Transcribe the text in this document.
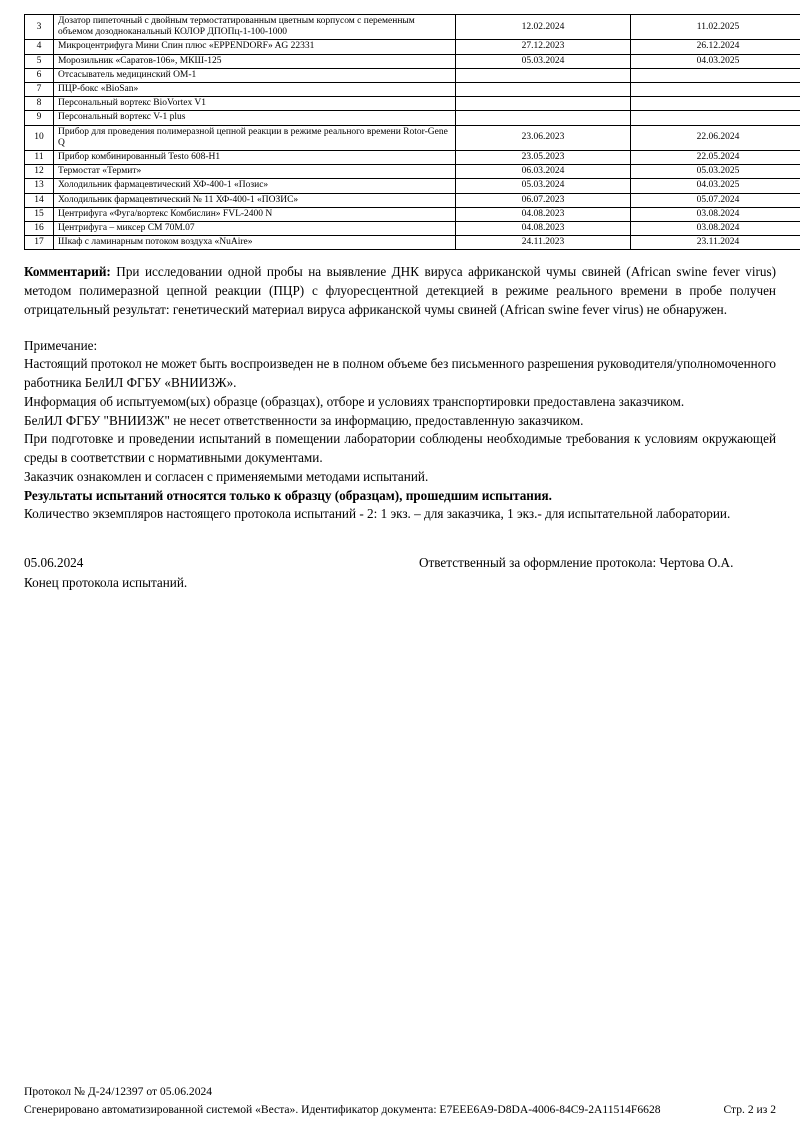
3	Дозатор пипеточный с двойным термостатированным цветным корпусом с переменным объемом дозодноканальный КОЛОР ДПОПц-1-100-1000	12.02.2024	11.02.2025
4	Микроцентрифуга Мини Спин плюс «EPPENDORF» AG 22331	27.12.2023	26.12.2024
5	Морозильник «Саратов-106», МКШ-125	05.03.2024	04.03.2025
6	Отсасыватель медицинский ОМ-1		
7	ПЦР-бокс «BioSan»		
8	Персональный вортекс BioVortex V1		
9	Персональный вортекс V-1 plus		
10	Прибор для проведения полимеразной цепной реакции в режиме реального времени Rotor-Gene Q	23.06.2023	22.06.2024
11	Прибор комбинированный Testo 608-H1	23.05.2023	22.05.2024
12	Термостат «Термит»	06.03.2024	05.03.2025
13	Холодильник фармацевтический ХФ-400-1 «Позис»	05.03.2024	04.03.2025
14	Холодильник фармацевтический № 11 ХФ-400-1 «ПОЗИС»	06.07.2023	05.07.2024
15	Центрифуга «Фуга/вортекс Комбислин» FVL-2400 N	04.08.2023	03.08.2024
16	Центрифуга – миксер СМ 70М.07	04.08.2023	03.08.2024
17	Шкаф с ламинарным потоком воздуха «NuAire»	24.11.2023	23.11.2024
Комментарий: При исследовании одной пробы на выявление ДНК вируса африканской чумы свиней (African swine fever virus) методом полимеразной цепной реакции (ПЦР) с флуоресцентной детекцией в режиме реального времени в пробе получен отрицательный результат: генетический материал вируса африканской чумы свиней (African swine fever virus) не обнаружен.
Примечание:
Настоящий протокол не может быть воспроизведен не в полном объеме без письменного разрешения руководителя/уполномоченного работника БелИЛ ФГБУ «ВНИИЗЖ».
Информация об испытуемом(ых) образце (образцах), отборе и условиях транспортировки предоставлена заказчиком.
БелИЛ ФГБУ "ВНИИЗЖ" не несет ответственности за информацию, предоставленную заказчиком.
При подготовке и проведении испытаний в помещении лаборатории соблюдены необходимые требования к условиям окружающей среды в соответствии с нормативными документами.
Заказчик ознакомлен и согласен с применяемыми методами испытаний.
Результаты испытаний относятся только к образцу (образцам), прошедшим испытания.
Количество экземпляров настоящего протокола испытаний - 2: 1 экз. – для заказчика, 1 экз.- для испытательной лаборатории.
05.06.2024	Ответственный за оформление протокола: Чертова О.А.
Конец протокола испытаний.
Протокол № Д-24/12397 от 05.06.2024
Сгенерировано автоматизированной системой «Веста». Идентификатор документа: E7EEE6A9-D8DA-4006-84C9-2A11514F6628	Стр. 2 из 2
